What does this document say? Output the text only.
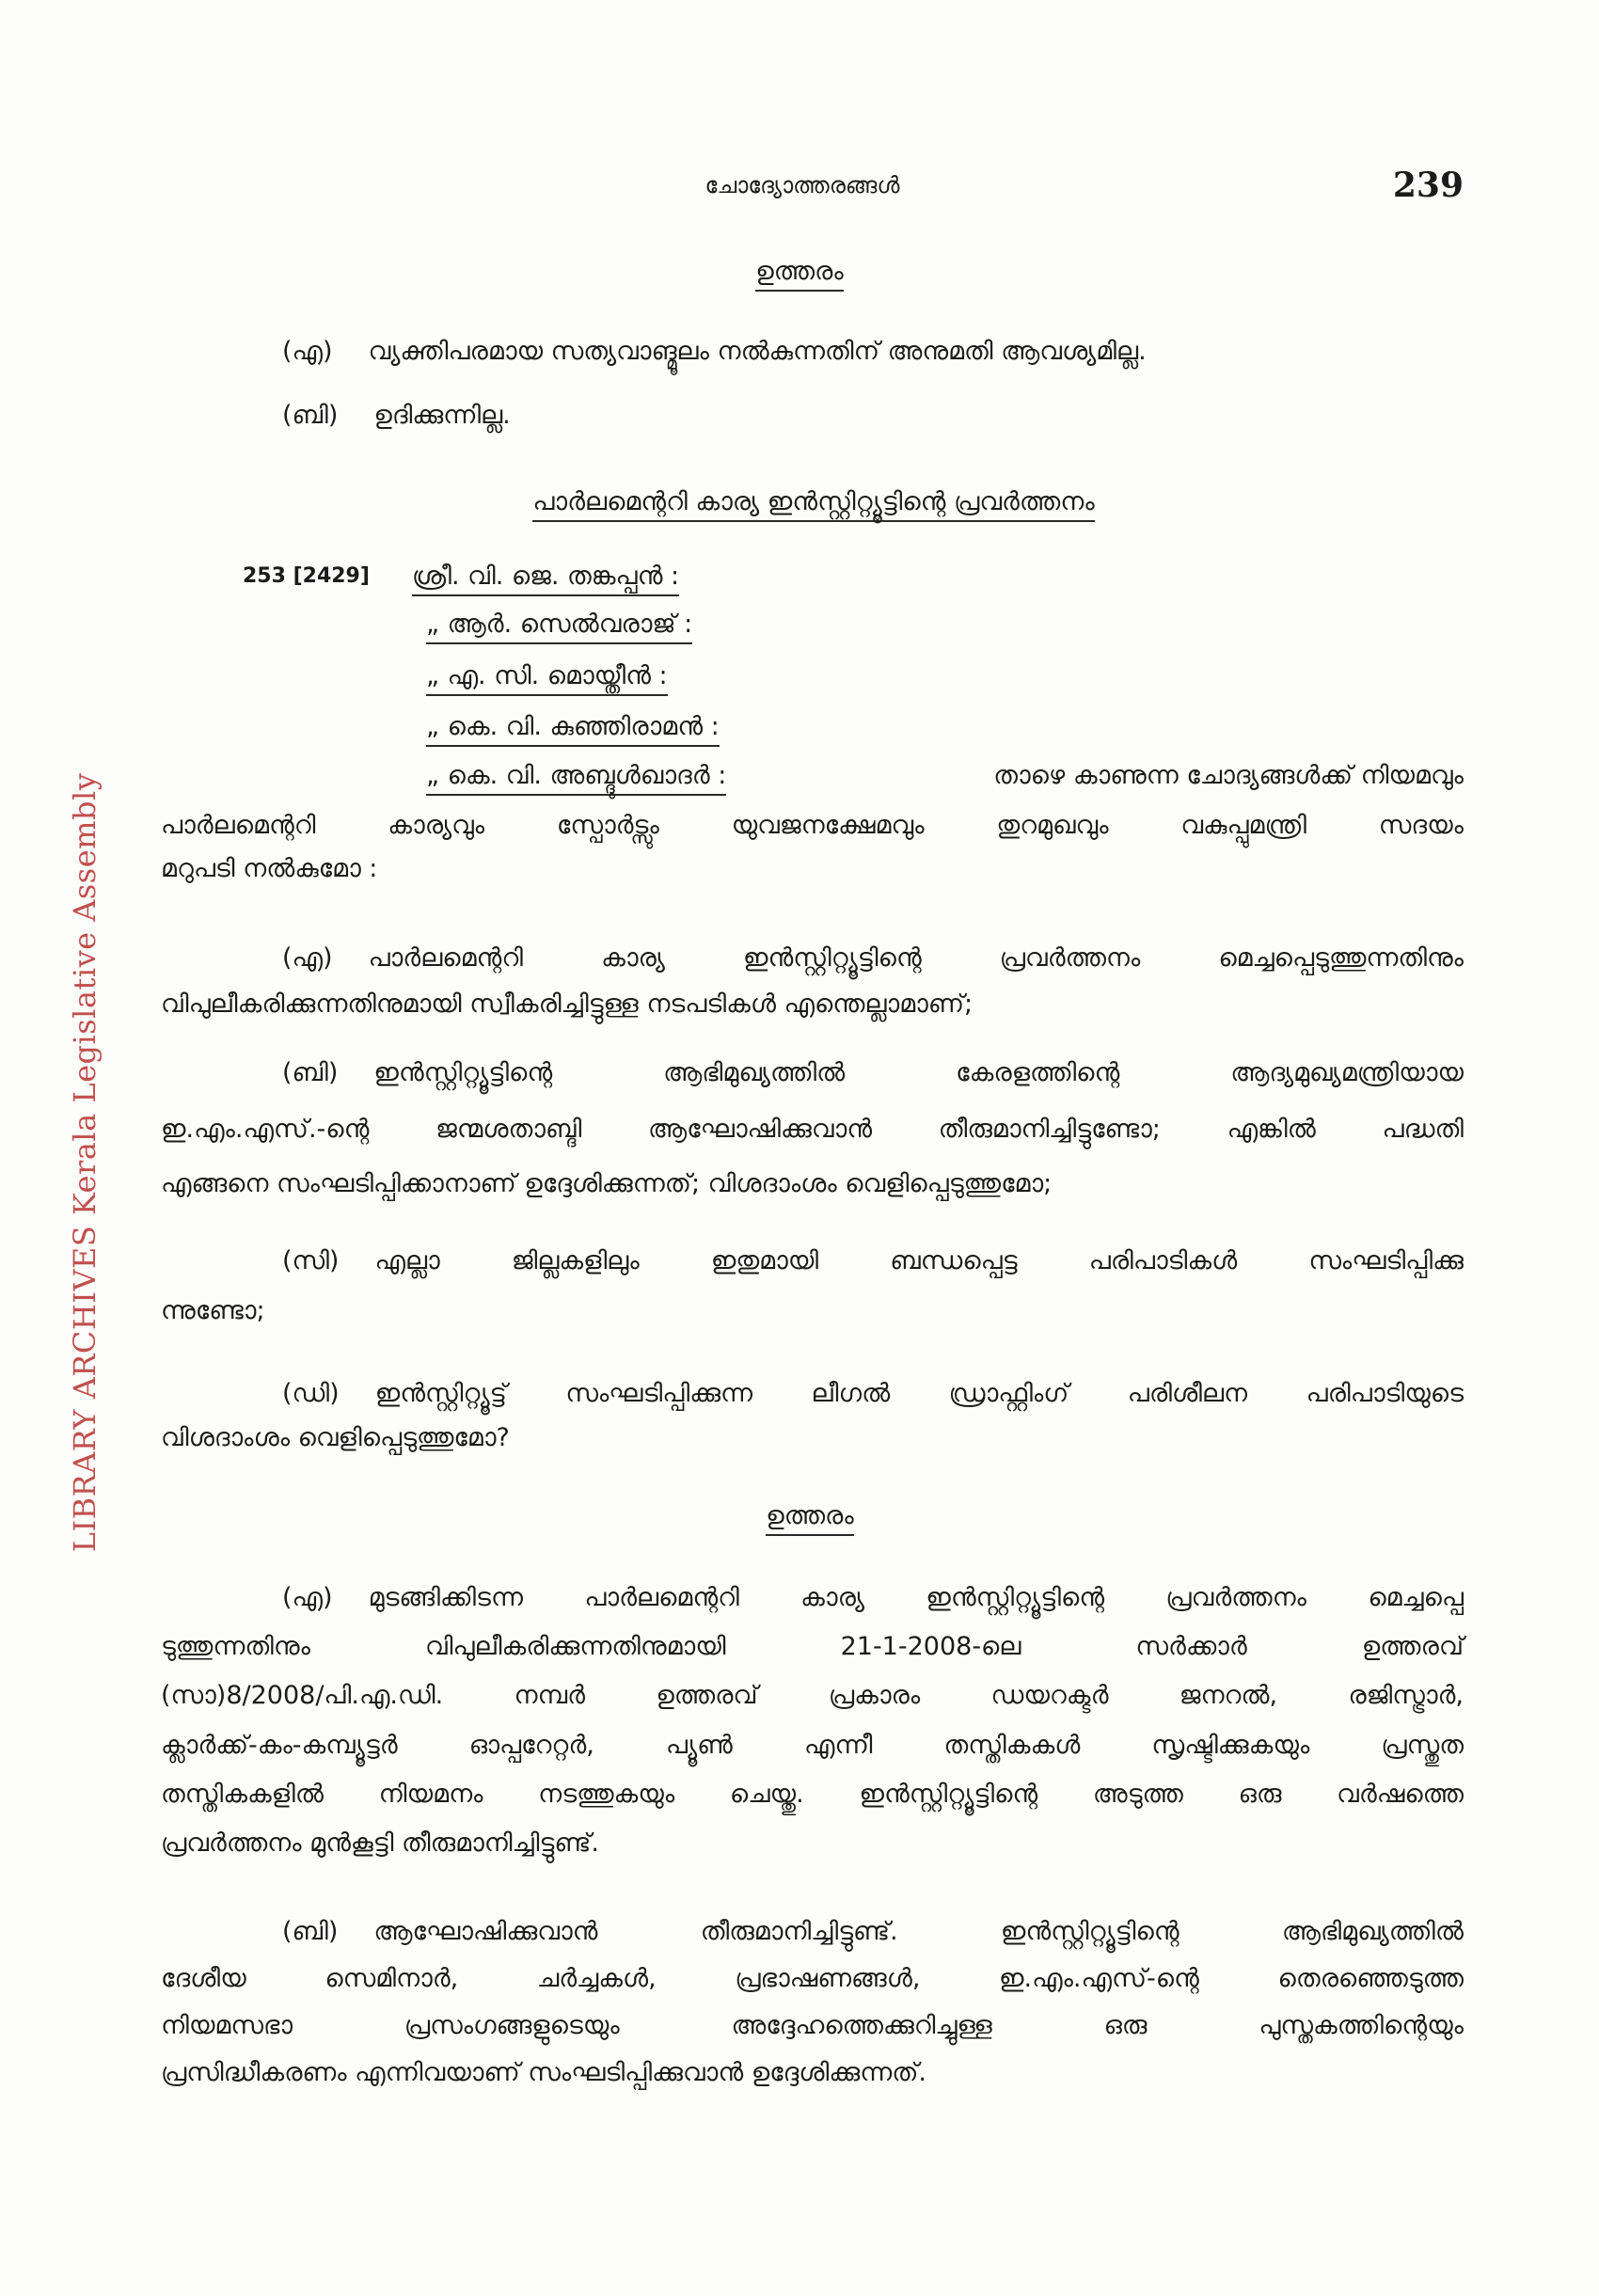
LIBRARY ARCHIVES Kerala Legislative Assembly
ചോദ്യോത്തരങ്ങൾ	239
ഉത്തരം
(എ) വ്യക്തിപരമായ സത്യവാങ്മൂലം നൽകുന്നതിന് അനുമതി ആവശ്യമില്ല.
(ബി) ഉദിക്കുന്നില്ല.
പാർലമെന്ററി കാര്യ ഇൻസ്റ്റിറ്റ്യൂട്ടിന്റെ പ്രവർത്തനം
253 [2429]	ശ്രീ. വി. ജെ. തങ്കപ്പൻ :
„ ആർ. സെൽവരാജ് :
„ എ. സി. മൊയ്തീൻ :
„ കെ. വി. കുഞ്ഞിരാമൻ :
„ കെ. വി. അബ്ദുൾഖാദർ :	താഴെ കാണുന്ന ചോദ്യങ്ങൾക്ക് നിയമവും
പാർലമെന്ററി കാര്യവും സ്പോർട്സും യുവജനക്ഷേമവും തുറമുഖവും വകുപ്പുമന്ത്രി സദയം
മറുപടി നൽകുമോ :
(എ) പാർലമെന്ററി കാര്യ ഇൻസ്റ്റിറ്റ്യൂട്ടിന്റെ പ്രവർത്തനം മെച്ചപ്പെടുത്തുന്നതിനും
വിപുലീകരിക്കുന്നതിനുമായി സ്വീകരിച്ചിട്ടുള്ള നടപടികൾ എന്തെല്ലാമാണ്;
(ബി) ഇൻസ്റ്റിറ്റ്യൂട്ടിന്റെ ആഭിമുഖ്യത്തിൽ കേരളത്തിന്റെ ആദ്യമുഖ്യമന്ത്രിയായ
ഇ.എം.എസ്.-ന്റെ ജന്മശതാബ്ദി ആഘോഷിക്കുവാൻ തീരുമാനിച്ചിട്ടുണ്ടോ; എങ്കിൽ പദ്ധതി
എങ്ങനെ സംഘടിപ്പിക്കാനാണ് ഉദ്ദേശിക്കുന്നത്; വിശദാംശം വെളിപ്പെടുത്തുമോ;
(സി) എല്ലാ ജില്ലകളിലും ഇതുമായി ബന്ധപ്പെട്ട പരിപാടികൾ സംഘടിപ്പിക്കു
ന്നുണ്ടോ;
(ഡി) ഇൻസ്റ്റിറ്റ്യൂട്ട് സംഘടിപ്പിക്കുന്ന ലീഗൽ ഡ്രാഫ്റ്റിംഗ് പരിശീലന പരിപാടിയുടെ
വിശദാംശം വെളിപ്പെടുത്തുമോ?
ഉത്തരം
(എ) മുടങ്ങിക്കിടന്ന പാർലമെന്ററി കാര്യ ഇൻസ്റ്റിറ്റ്യൂട്ടിന്റെ പ്രവർത്തനം മെച്ചപ്പെ
ടുത്തുന്നതിനും വിപുലീകരിക്കുന്നതിനുമായി 21-1-2008-ലെ സർക്കാർ ഉത്തരവ്
(സാ)8/2008/പി.എ.ഡി. നമ്പർ ഉത്തരവ് പ്രകാരം ഡയറക്ടർ ജനറൽ, രജിസ്ട്രാർ,
ക്ലാർക്ക്-കം-കമ്പ്യൂട്ടർ ഓപ്പറേറ്റർ, പ്യൂൺ എന്നീ തസ്തികകൾ സൃഷ്ടിക്കുകയും പ്രസ്തുത
തസ്തികകളിൽ നിയമനം നടത്തുകയും ചെയ്തു. ഇൻസ്റ്റിറ്റ്യൂട്ടിന്റെ അടുത്ത ഒരു വർഷത്തെ
പ്രവർത്തനം മുൻകൂട്ടി തീരുമാനിച്ചിട്ടുണ്ട്.
(ബി) ആഘോഷിക്കുവാൻ തീരുമാനിച്ചിട്ടുണ്ട്. ഇൻസ്റ്റിറ്റ്യൂട്ടിന്റെ ആഭിമുഖ്യത്തിൽ
ദേശീയ സെമിനാർ, ചർച്ചകൾ, പ്രഭാഷണങ്ങൾ, ഇ.എം.എസ്-ന്റെ തെരഞ്ഞെടുത്ത
നിയമസഭാ പ്രസംഗങ്ങളുടെയും അദ്ദേഹത്തെക്കുറിച്ചുള്ള ഒരു പുസ്തകത്തിന്റെയും
പ്രസിദ്ധീകരണം എന്നിവയാണ് സംഘടിപ്പിക്കുവാൻ ഉദ്ദേശിക്കുന്നത്.
